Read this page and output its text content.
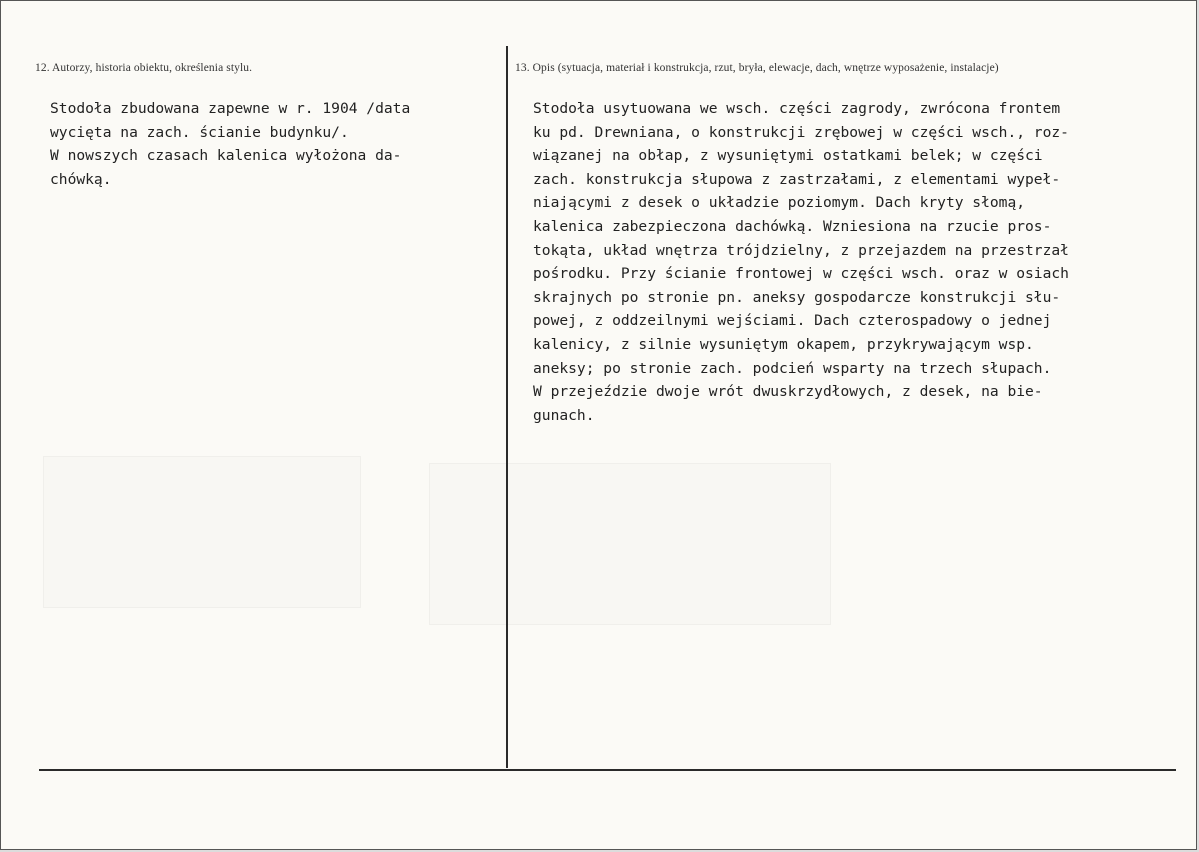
12. Autorzy, historia obiektu, określenia stylu.	13. Opis (sytuacja, materiał i konstrukcja, rzut, bryła, elewacje, dach, wnętrze wyposażenie, instalacje)
Stodoła zbudowana zapewne w r. 1904 /data
wycięta na zach. ścianie budynku/.
W nowszych czasach kalenica wyłożona da-
chówką.
Stodoła usytuowana we wsch. części zagrody, zwrócona frontem
ku pd. Drewniana, o konstrukcji zrębowej w części wsch., roz-
wiązanej na obłap, z wysuniętymi ostatkami belek; w części
zach. konstrukcja słupowa z zastrzałami, z elementami wypeł-
niającymi z desek o układzie poziomym. Dach kryty słomą,
kalenica zabezpieczona dachówką. Wzniesiona na rzucie pros-
tokąta, układ wnętrza trójdzielny, z przejazdem na przestrzał
pośrodku. Przy ścianie frontowej w części wsch. oraz w osiach
skrajnych po stronie pn. aneksy gospodarcze konstrukcji słu-
powej, z oddzeilnymi wejściami. Dach czterospadowy o jednej
kalenicy, z silnie wysuniętym okapem, przykrywającym wsp.
aneksy; po stronie zach. podcień wsparty na trzech słupach.
W przejeździe dwoje wrót dwuskrzydłowych, z desek, na bie-
gunach.
